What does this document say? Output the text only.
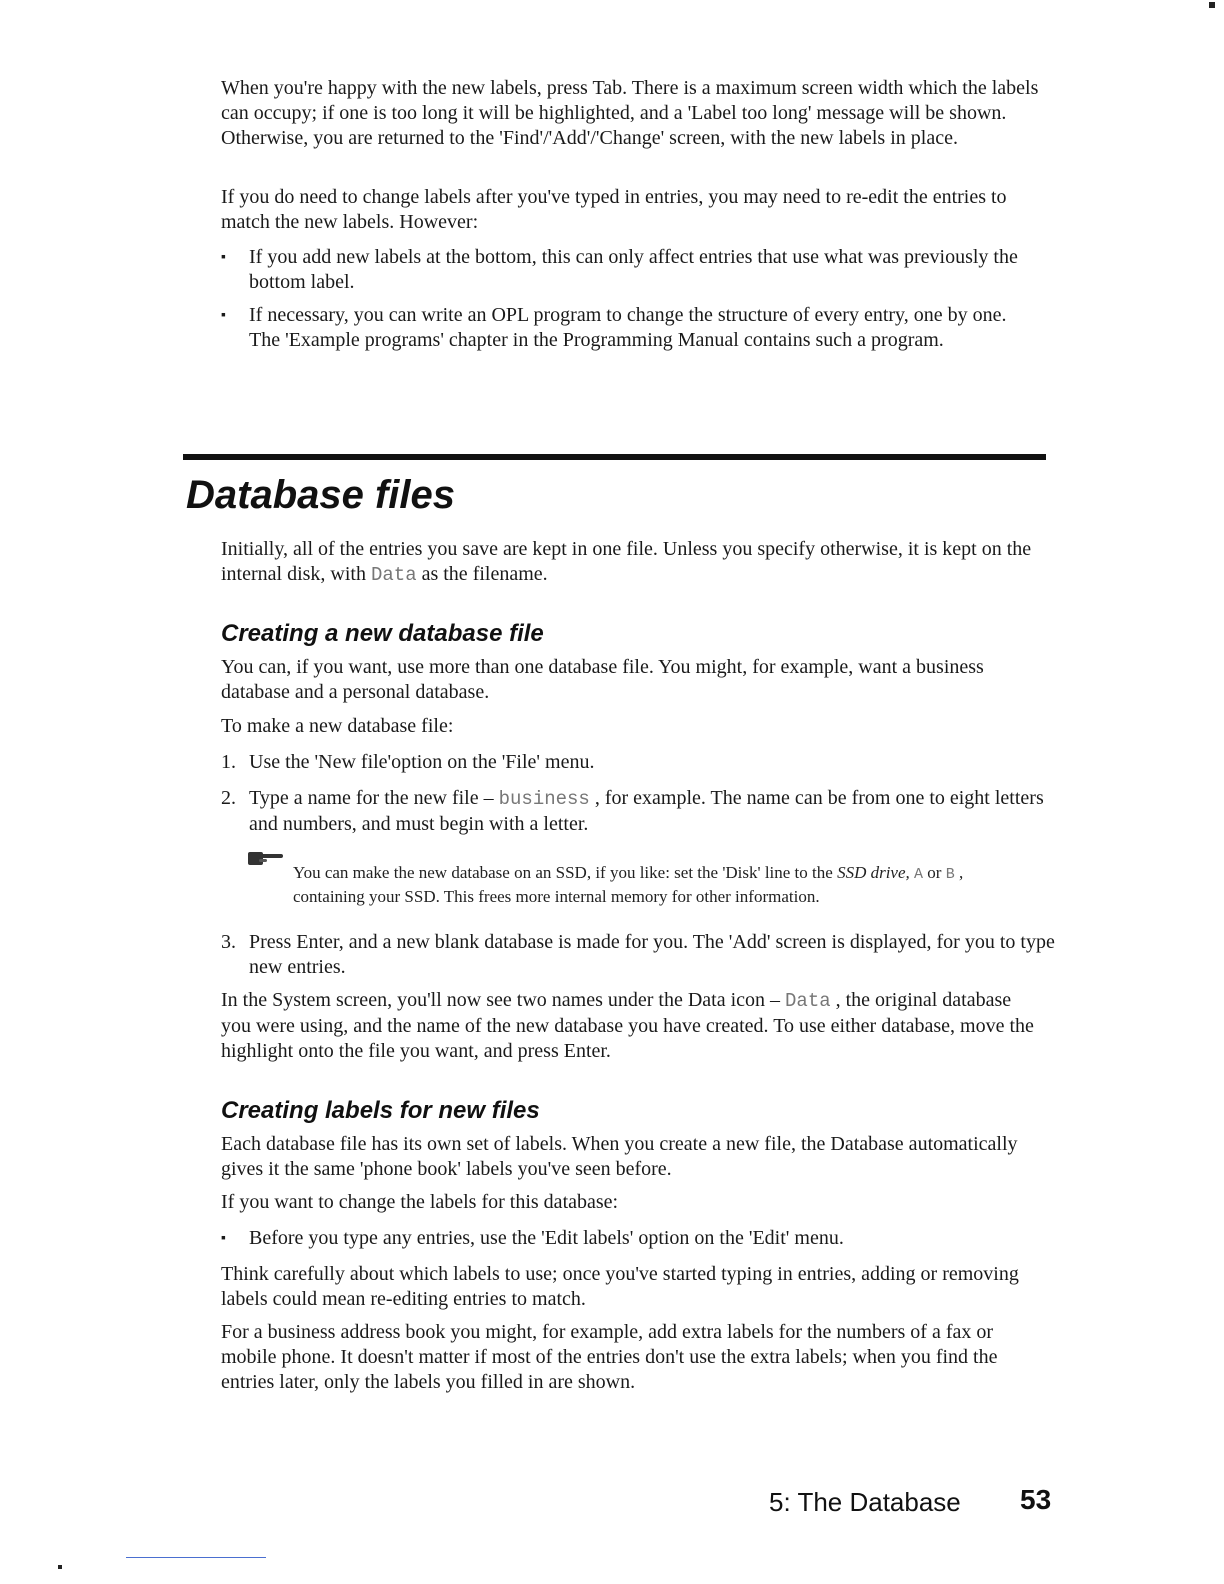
When you're happy with the new labels, press Tab. There is a maximum screen width which the labels can occupy; if one is too long it will be highlighted, and a 'Label too long' message will be shown. Otherwise, you are returned to the 'Find'/'Add'/'Change' screen, with the new labels in place.

If you do need to change labels after you've typed in entries, you may need to re-edit the entries to match the new labels. However:

▪ If you add new labels at the bottom, this can only affect entries that use what was previously the bottom label.

▪ If necessary, you can write an OPL program to change the structure of every entry, one by one. The 'Example programs' chapter in the Programming Manual contains such a program.

Database files

Initially, all of the entries you save are kept in one file. Unless you specify otherwise, it is kept on the internal disk, with Data as the filename.

Creating a new database file

You can, if you want, use more than one database file. You might, for example, want a business database and a personal database.

To make a new database file:

1. Use the 'New file'option on the 'File' menu.

2. Type a name for the new file – business , for example. The name can be from one to eight letters and numbers, and must begin with a letter.

You can make the new database on an SSD, if you like: set the 'Disk' line to the SSD drive, A or B , containing your SSD. This frees more internal memory for other information.

3. Press Enter, and a new blank database is made for you. The 'Add' screen is displayed, for you to type new entries.

In the System screen, you'll now see two names under the Data icon – Data , the original database you were using, and the name of the new database you have created. To use either database, move the highlight onto the file you want, and press Enter.

Creating labels for new files

Each database file has its own set of labels. When you create a new file, the Database automatically gives it the same 'phone book' labels you've seen before.

If you want to change the labels for this database:

▪ Before you type any entries, use the 'Edit labels' option on the 'Edit' menu.

Think carefully about which labels to use; once you've started typing in entries, adding or removing labels could mean re-editing entries to match.

For a business address book you might, for example, add extra labels for the numbers of a fax or mobile phone. It doesn't matter if most of the entries don't use the extra labels; when you find the entries later, only the labels you filled in are shown.

5: The Database 53
